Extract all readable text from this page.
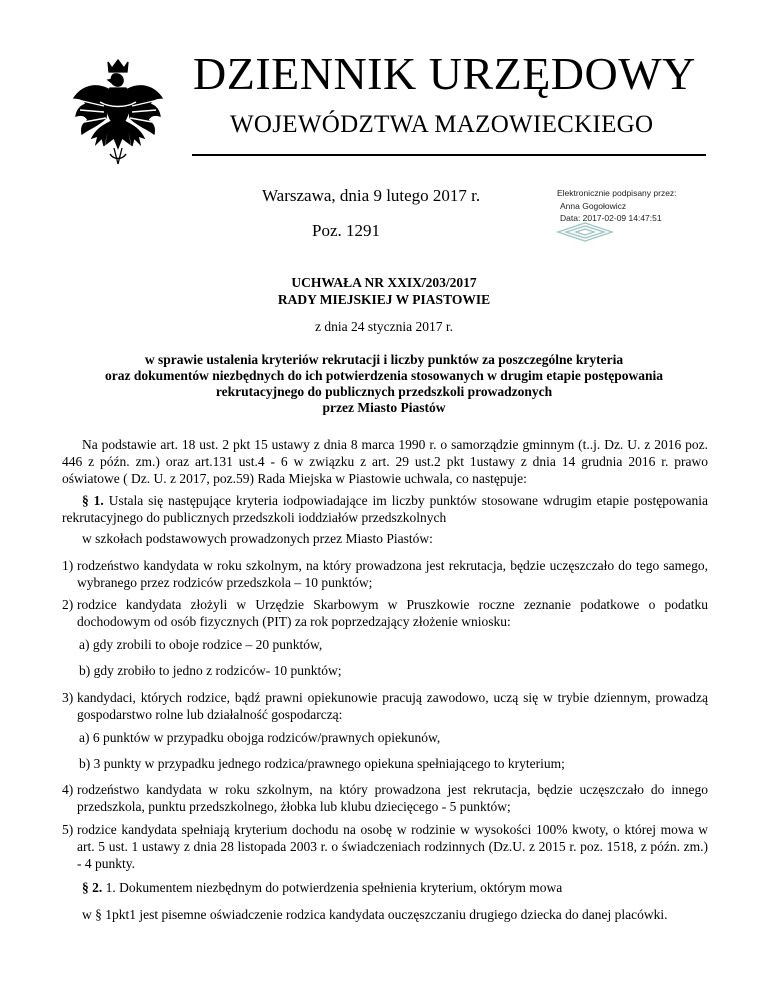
DZIENNIK URZĘDOWY
WOJEWÓDZTWA MAZOWIECKIEGO
Warszawa, dnia 9 lutego 2017 r.
Poz. 1291
Elektronicznie podpisany przez:
Anna Gogołowicz
Data: 2017-02-09 14:47:51
UCHWAŁA NR XXIX/203/2017
RADY MIEJSKIEJ W PIASTOWIE
z dnia 24 stycznia 2017 r.
w sprawie ustalenia kryteriów rekrutacji i liczby punktów za poszczególne kryteria
oraz dokumentów niezbędnych do ich potwierdzenia stosowanych w drugim etapie postępowania
rekrutacyjnego do publicznych przedszkoli prowadzonych
przez Miasto Piastów
Na podstawie art. 18 ust. 2 pkt 15 ustawy z dnia 8 marca 1990 r. o samorządzie gminnym (t..j. Dz. U. z 2016 poz. 446 z późn. zm.) oraz art.131 ust.4 - 6 w związku z art. 29 ust.2 pkt 1ustawy z dnia 14 grudnia 2016 r. prawo oświatowe ( Dz. U. z 2017, poz.59) Rada Miejska w Piastowie uchwala, co następuje:
§ 1. Ustala się następujące kryteria iodpowiadające im liczby punktów stosowane wdrugim etapie postępowania rekrutacyjnego do publicznych przedszkoli ioddziałów przedszkolnych
w szkołach podstawowych prowadzonych przez Miasto Piastów:
1) rodzeństwo kandydata w roku szkolnym, na który prowadzona jest rekrutacja, będzie uczęszczało do tego samego, wybranego przez rodziców przedszkola – 10 punktów;
2) rodzice kandydata złożyli w Urzędzie Skarbowym w Pruszkowie roczne zeznanie podatkowe o podatku dochodowym od osób fizycznych (PIT) za rok poprzedzający złożenie wniosku:
a) gdy zrobili to oboje rodzice – 20 punktów,
b) gdy zrobiło to jedno z rodziców- 10 punktów;
3) kandydaci, których rodzice, bądź prawni opiekunowie pracują zawodowo, uczą się w trybie dziennym, prowadzą gospodarstwo rolne lub działalność gospodarczą:
a) 6 punktów w przypadku obojga rodziców/prawnych opiekunów,
b) 3 punkty w przypadku jednego rodzica/prawnego opiekuna spełniającego to kryterium;
4) rodzeństwo kandydata w roku szkolnym, na który prowadzona jest rekrutacja, będzie uczęszczało do innego przedszkola, punktu przedszkolnego, żłobka lub klubu dziecięcego - 5 punktów;
5) rodzice kandydata spełniają kryterium dochodu na osobę w rodzinie w wysokości 100% kwoty, o której mowa w art. 5 ust. 1 ustawy z dnia 28 listopada 2003 r. o świadczeniach rodzinnych (Dz.U. z 2015 r. poz. 1518, z późn. zm.) - 4 punkty.
§ 2. 1. Dokumentem niezbędnym do potwierdzenia spełnienia kryterium, októrym mowa
w § 1pkt1 jest pisemne oświadczenie rodzica kandydata ouczęszczaniu drugiego dziecka do danej placówki.
